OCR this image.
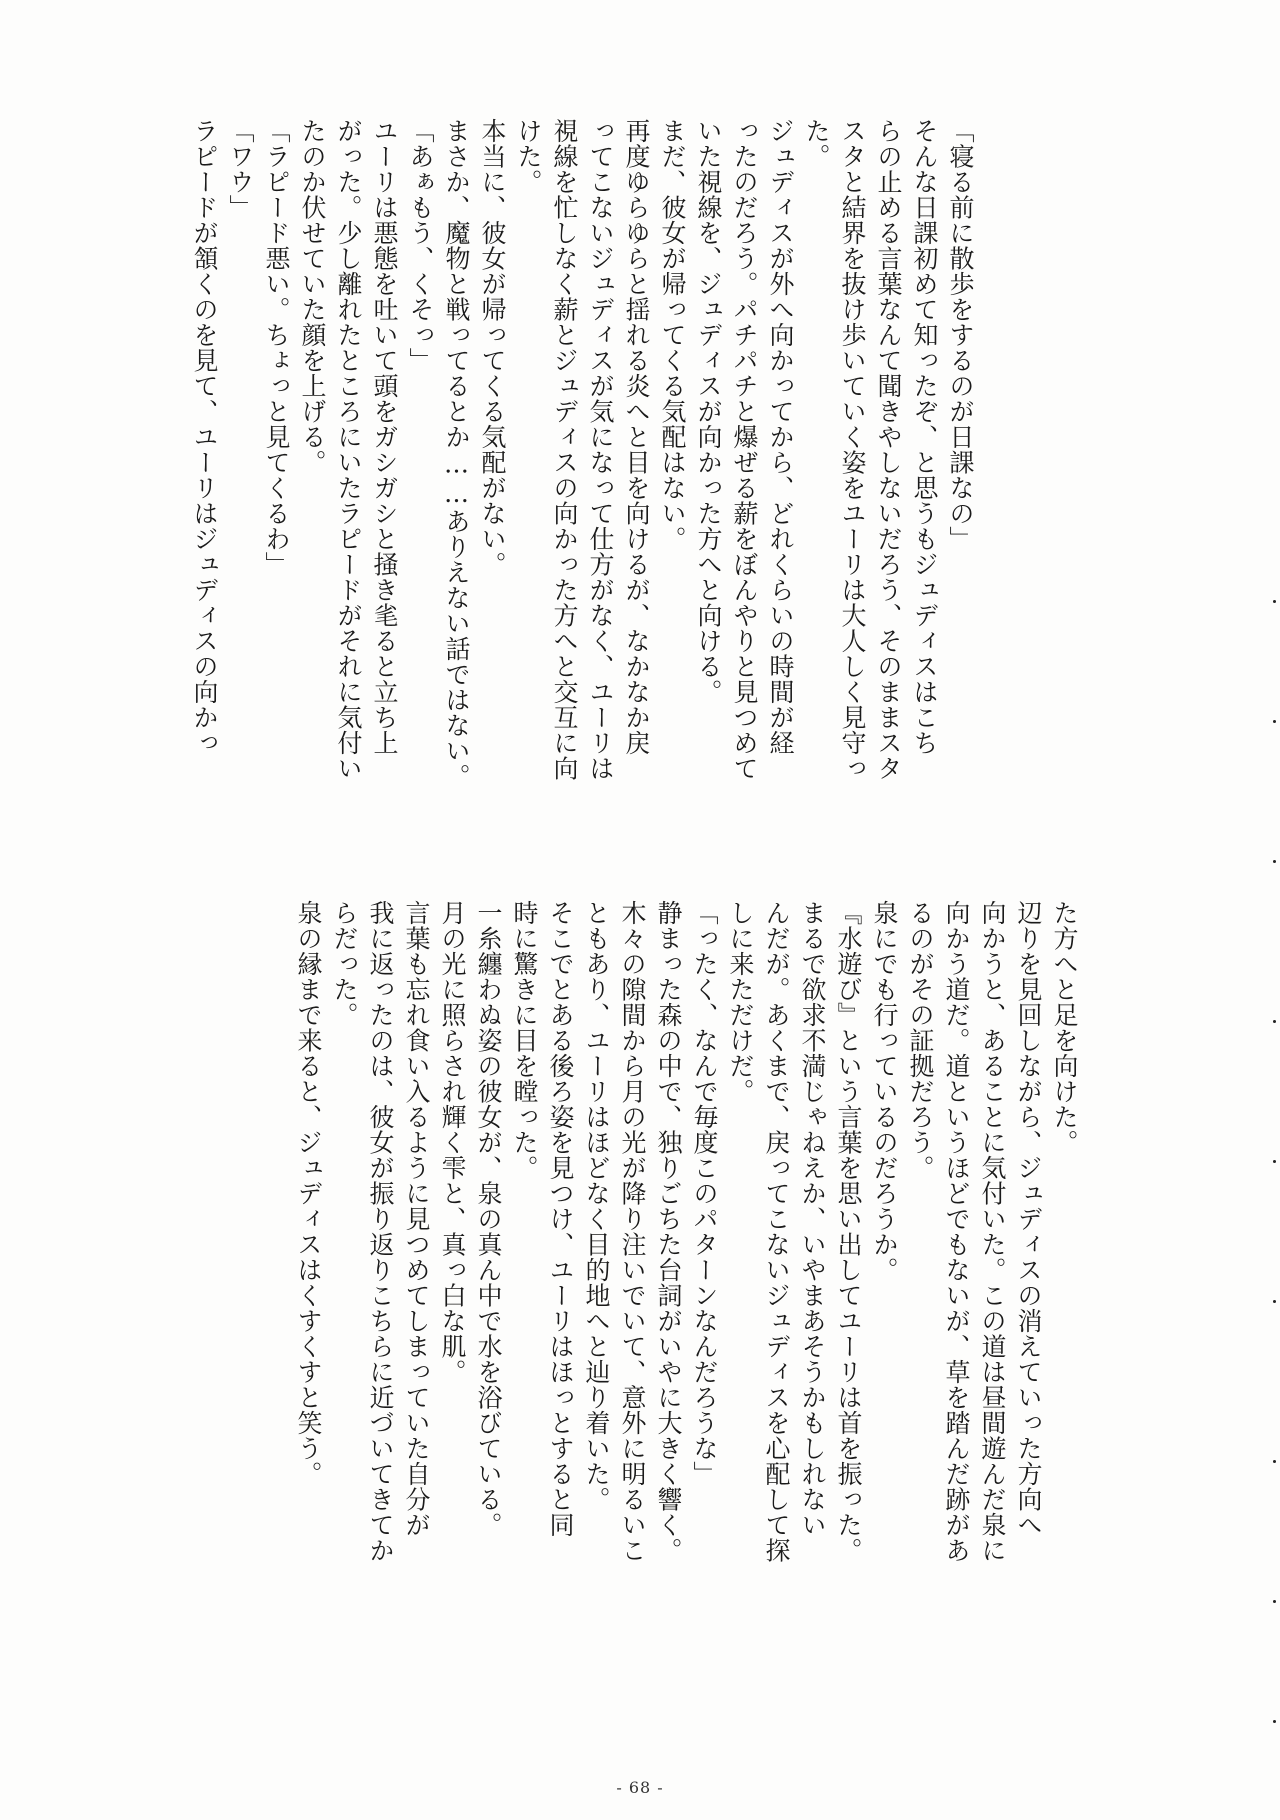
「寝る前に散歩をするのが日課なの」

そんな日課初めて知ったぞ、と思うもジュディスはこち

らの止める言葉なんて聞きやしないだろう、そのままスタ

スタと結界を抜け歩いていく姿をユーリは大人しく見守っ

た。

ジュディスが外へ向かってから、どれくらいの時間が経

ったのだろう。パチパチと爆ぜる薪をぼんやりと見つめて

いた視線を、ジュディスが向かった方へと向ける。

まだ、彼女が帰ってくる気配はない。

再度ゆらゆらと揺れる炎へと目を向けるが、なかなか戻

ってこないジュディスが気になって仕方がなく、ユーリは

視線を忙しなく薪とジュディスの向かった方へと交互に向

けた。

本当に、彼女が帰ってくる気配がない。

まさか、魔物と戦ってるとか……ありえない話ではない。

「あぁもう、くそっ」

ユーリは悪態を吐いて頭をガシガシと掻き毟ると立ち上

がった。少し離れたところにいたラピードがそれに気付い

たのか伏せていた顔を上げる。

「ラピード悪い。ちょっと見てくるわ」

「ワウ」

ラピードが頷くのを見て、ユーリはジュディスの向かっ

た方へと足を向けた。

辺りを見回しながら、ジュディスの消えていった方向へ

向かうと、あることに気付いた。この道は昼間遊んだ泉に

向かう道だ。道というほどでもないが、草を踏んだ跡があ

るのがその証拠だろう。

泉にでも行っているのだろうか。

『水遊び』という言葉を思い出してユーリは首を振った。

まるで欲求不満じゃねえか、いやまあそうかもしれない

んだが。あくまで、戻ってこないジュディスを心配して探

しに来ただけだ。

「ったく、なんで毎度このパターンなんだろうな」

静まった森の中で、独りごちた台詞がいやに大きく響く。

木々の隙間から月の光が降り注いでいて、意外に明るいこ

ともあり、ユーリはほどなく目的地へと辿り着いた。

そこでとある後ろ姿を見つけ、ユーリはほっとすると同

時に驚きに目を瞠った。

一糸纏わぬ姿の彼女が、泉の真ん中で水を浴びている。

月の光に照らされ輝く雫と、真っ白な肌。

言葉も忘れ食い入るように見つめてしまっていた自分が

我に返ったのは、彼女が振り返りこちらに近づいてきてか

らだった。

泉の縁まで来ると、ジュディスはくすくすと笑う。

- 68 -
